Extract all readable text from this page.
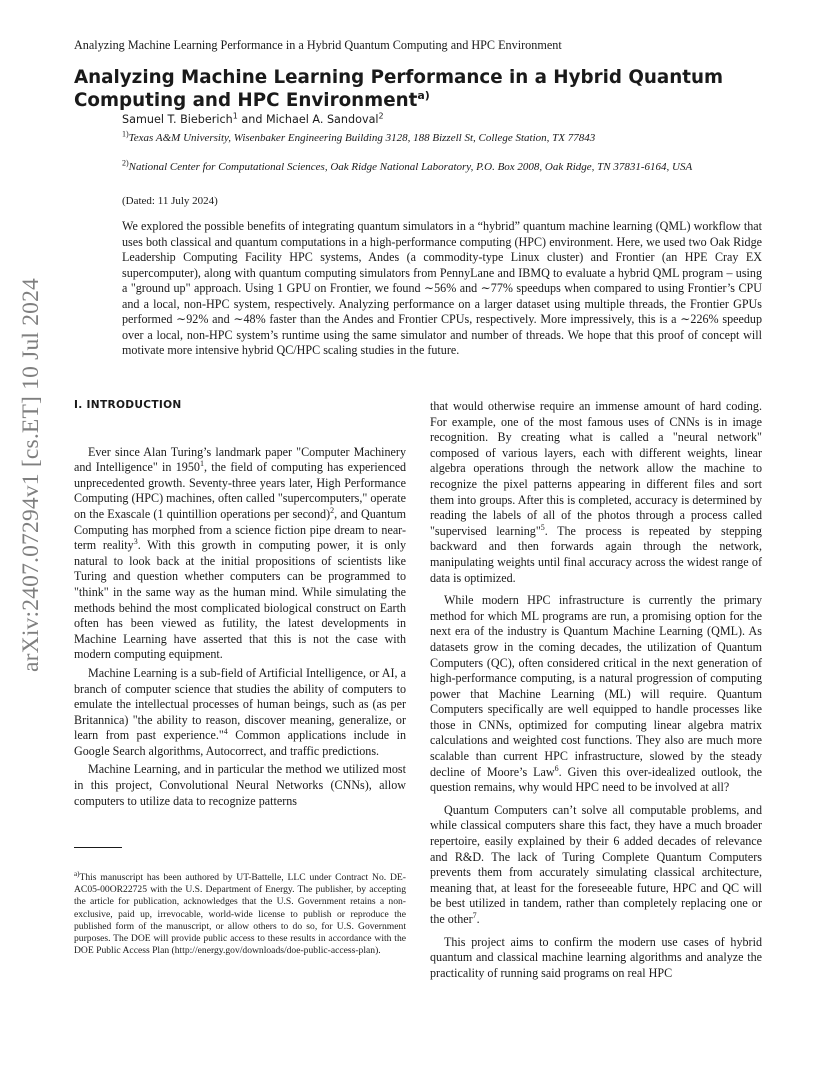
Analyzing Machine Learning Performance in a Hybrid Quantum Computing and HPC Environment
arXiv:2407.07294v1 [cs.ET] 10 Jul 2024
Analyzing Machine Learning Performance in a Hybrid Quantum
Computing and HPC Environment$^{a)}$
Samuel T. Bieberich$^1$ and Michael A. Sandoval$^2$
$^{1)}$Texas A&M University, Wisenbaker Engineering Building 3128, 188 Bizzell St, College Station, TX 77843
$^{2)}$National Center for Computational Sciences, Oak Ridge National Laboratory, P.O. Box 2008, Oak Ridge, TN 37831-6164, USA
(Dated: 11 July 2024)
We explored the possible benefits of integrating quantum simulators in a “hybrid” quantum machine learning (QML) workflow that uses both classical and quantum computations in a high-performance computing (HPC) environment. Here, we used two Oak Ridge Leadership Computing Facility HPC systems, Andes (a commodity-type Linux cluster) and Frontier (an HPE Cray EX supercomputer), along with quantum computing simulators from PennyLane and IBMQ to evaluate a hybrid QML program – using a "ground up" approach. Using 1 GPU on Frontier, we found ∼56% and ∼77% speedups when compared to using Frontier’s CPU and a local, non-HPC system, respectively. Analyzing performance on a larger dataset using multiple threads, the Frontier GPUs performed ∼92% and ∼48% faster than the Andes and Frontier CPUs, respectively. More impressively, this is a ∼226% speedup over a local, non-HPC system’s runtime using the same simulator and number of threads. We hope that this proof of concept will motivate more intensive hybrid QC/HPC scaling studies in the future.
I. INTRODUCTION

Ever since Alan Turing’s landmark paper "Computer Machinery and Intelligence" in 1950$^1$, the field of computing has experienced unprecedented growth. Seventy-three years later, High Performance Computing (HPC) machines, often called "supercomputers," operate on the Exascale (1 quintillion operations per second)$^2$, and Quantum Computing has morphed from a science fiction pipe dream to near-term reality$^3$. With this growth in computing power, it is only natural to look back at the initial propositions of scientists like Turing and question whether computers can be programmed to "think" in the same way as the human mind. While simulating the methods behind the most complicated biological construct on Earth often has been viewed as futility, the latest developments in Machine Learning have asserted that this is not the case with modern computing equipment.

Machine Learning is a sub-field of Artificial Intelligence, or AI, a branch of computer science that studies the ability of computers to emulate the intellectual processes of human beings, such as (as per Britannica) "the ability to reason, discover meaning, generalize, or learn from past experience."$^4$ Common applications include in Google Search algorithms, Autocorrect, and traffic predictions.

Machine Learning, and in particular the method we utilized most in this project, Convolutional Neural Networks (CNNs), allow computers to utilize data to recognize patterns

$^{a)}$This manuscript has been authored by UT-Battelle, LLC under Contract No. DE-AC05-00OR22725 with the U.S. Department of Energy. The publisher, by accepting the article for publication, acknowledges that the U.S. Government retains a non-exclusive, paid up, irrevocable, world-wide license to publish or reproduce the published form of the manuscript, or allow others to do so, for U.S. Government purposes. The DOE will provide public access to these results in accordance with the DOE Public Access Plan (http://energy.gov/downloads/doe-public-access-plan).

that would otherwise require an immense amount of hard coding. For example, one of the most famous uses of CNNs is in image recognition. By creating what is called a "neural network" composed of various layers, each with different weights, linear algebra operations through the network allow the machine to recognize the pixel patterns appearing in different files and sort them into groups. After this is completed, accuracy is determined by reading the labels of all of the photos through a process called "supervised learning"$^5$. The process is repeated by stepping backward and then forwards again through the network, manipulating weights until final accuracy across the widest range of data is optimized.

While modern HPC infrastructure is currently the primary method for which ML programs are run, a promising option for the next era of the industry is Quantum Machine Learning (QML). As datasets grow in the coming decades, the utilization of Quantum Computers (QC), often considered critical in the next generation of high-performance computing, is a natural progression of computing power that Machine Learning (ML) will require. Quantum Computers specifically are well equipped to handle processes like those in CNNs, optimized for computing linear algebra matrix calculations and weighted cost functions. They also are much more scalable than current HPC infrastructure, slowed by the steady decline of Moore’s Law$^6$. Given this over-idealized outlook, the question remains, why would HPC need to be involved at all?

Quantum Computers can’t solve all computable problems, and while classical computers share this fact, they have a much broader repertoire, easily explained by their 6 added decades of relevance and R&D. The lack of Turing Complete Quantum Computers prevents them from accurately simulating classical architecture, meaning that, at least for the foreseeable future, HPC and QC will be best utilized in tandem, rather than completely replacing one or the other$^7$.

This project aims to confirm the modern use cases of hybrid quantum and classical machine learning algorithms and analyze the practicality of running said programs on real HPC
